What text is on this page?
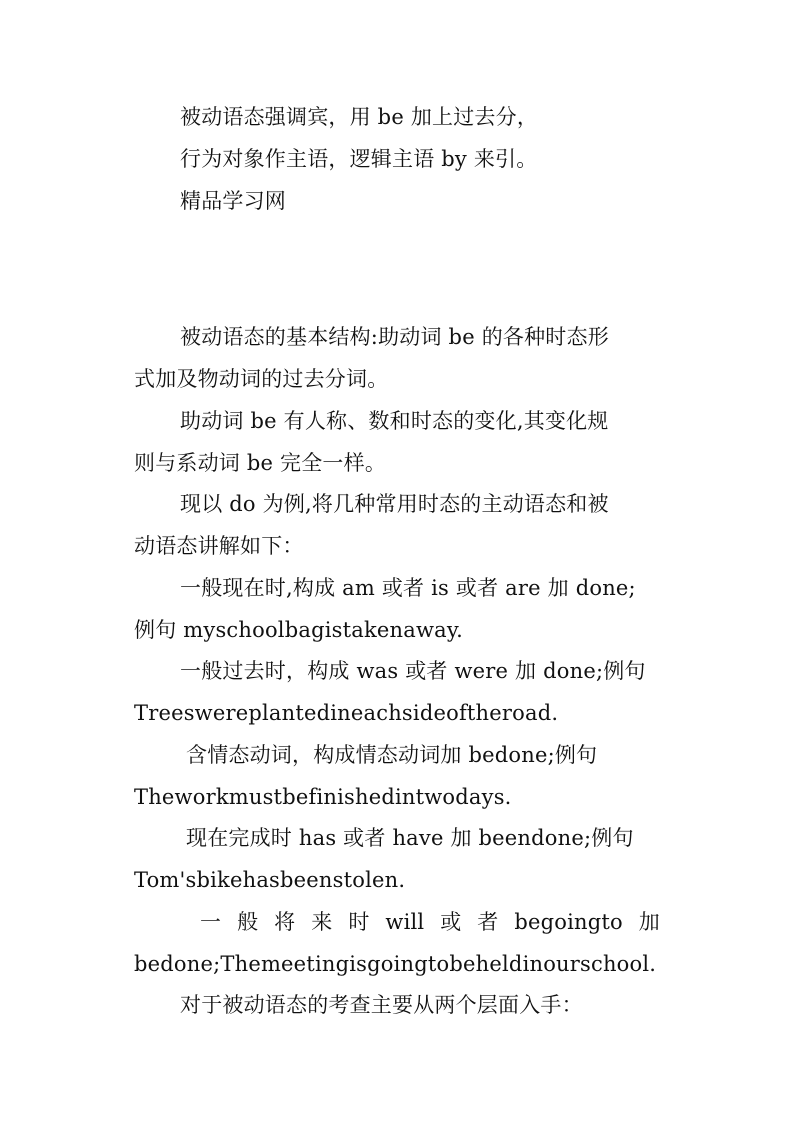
被动语态强调宾，用 be 加上过去分，
行为对象作主语，逻辑主语 by 来引。
精品学习网
被动语态的基本结构:助动词 be 的各种时态形
式加及物动词的过去分词。
助动词 be 有人称、数和时态的变化,其变化规
则与系动词 be 完全一样。
现以 do 为例,将几种常用时态的主动语态和被
动语态讲解如下：
一般现在时,构成 am 或者 is 或者 are 加 done;
例句 myschoolbagistakenaway.
一般过去时，构成 was 或者 were 加 done;例句
Treeswereplantedineachsideoftheroad.
含情态动词，构成情态动词加 bedone;例句
Theworkmustbefinishedintwodays.
现在完成时 has 或者 have 加 beendone;例句
Tom'sbikehasbeenstolen.
一 般 将 来 时 will 或 者 begoingto 加
bedone;Themeetingisgoingtobeheldinourschool.
对于被动语态的考查主要从两个层面入手：
